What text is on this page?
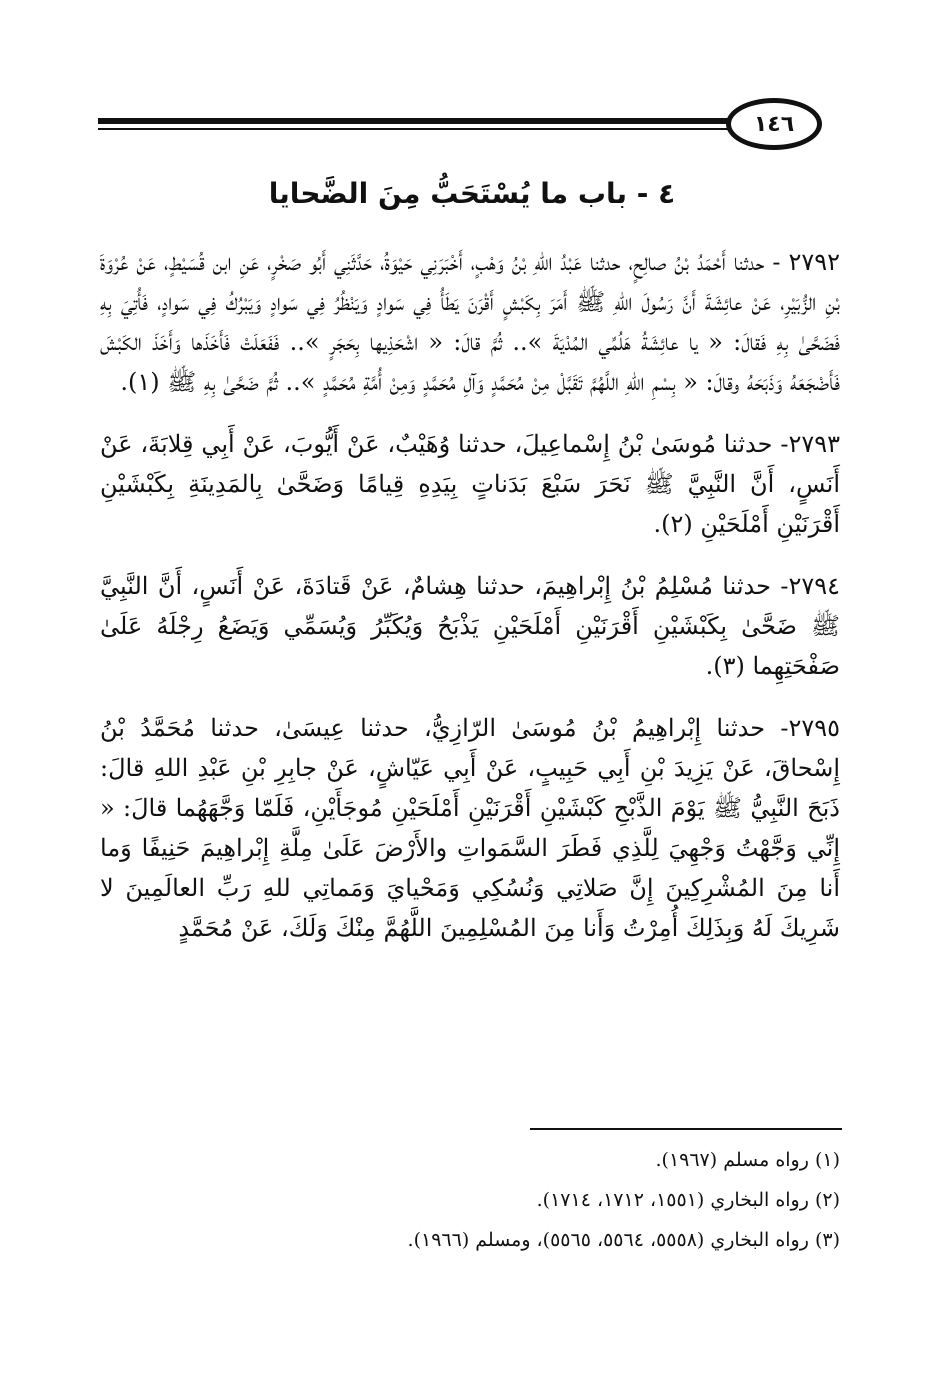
١٤٦
٤ - باب ما يُسْتَحَبُّ مِنَ الضَّحايا

٢٧٩٢ - حدثنا أَحْمَدُ بْنُ صالِحٍ، حدثنا عَبْدُ اللهِ بْنُ وَهْبٍ، أَخْبَرَنِي حَيْوَةُ، حَدَّثَنِي أَبُو صَخْرٍ، عَنِ ابن قُسَيْطٍ، عَنْ عُرْوَةَ بْنِ الزُّبَيْرِ، عَنْ عائِشَةَ أَنَّ رَسُولَ اللهِ ﷺ أَمَرَ بِكَبْشٍ أَقْرَنَ يَطَأُ فِي سَوادٍ وَيَنْظُرُ فِي سَوادٍ وَيَبْرُكُ فِي سَوادٍ، فَأُتِيَ بِهِ فَضَحَّىٰ بِهِ فَقالَ: « يا عائِشَةُ هَلُمِّي المُدْيَةَ ».. ثُمَّ قالَ: « اشْحَذِيها بِحَجَرٍ ».. فَفَعَلَتْ فَأَخَذَها وَأَخَذَ الكَبْشَ فَأَضْجَعَهُ وَذَبَحَهُ وقالَ: « بِسْمِ اللهِ اللَّهُمَّ تَقَبَّلْ مِنْ مُحَمَّدٍ وَآلِ مُحَمَّدٍ وَمِنْ أُمَّةِ مُحَمَّدٍ ».. ثُمَّ ضَحَّىٰ بِهِ ﷺ (١).

٢٧٩٣- حدثنا مُوسَىٰ بْنُ إِسْماعِيلَ، حدثنا وُهَيْبٌ، عَنْ أَيُّوبَ، عَنْ أَبِي قِلابَةَ، عَنْ أَنَسٍ، أَنَّ النَّبِيَّ ﷺ نَحَرَ سَبْعَ بَدَناتٍ بِيَدِهِ قِيامًا وَضَحَّىٰ بِالمَدِينَةِ بِكَبْشَيْنِ أَقْرَنَيْنِ أَمْلَحَيْنِ (٢).

٢٧٩٤- حدثنا مُسْلِمُ بْنُ إِبْراهِيمَ، حدثنا هِشامٌ، عَنْ قَتادَةَ، عَنْ أَنَسٍ، أَنَّ النَّبِيَّ ﷺ ضَحَّىٰ بِكَبْشَيْنِ أَقْرَنَيْنِ أَمْلَحَيْنِ يَذْبَحُ وَيُكَبِّرُ وَيُسَمِّي وَيَضَعُ رِجْلَهُ عَلَىٰ صَفْحَتِهِما (٣).

٢٧٩٥- حدثنا إِبْراهِيمُ بْنُ مُوسَىٰ الرّازِيُّ، حدثنا عِيسَىٰ، حدثنا مُحَمَّدُ بْنُ إِسْحاقَ، عَنْ يَزِيدَ بْنِ أَبِي حَبِيبٍ، عَنْ أَبِي عَيّاشٍ، عَنْ جابِرِ بْنِ عَبْدِ اللهِ قالَ: ذَبَحَ النَّبِيُّ ﷺ يَوْمَ الذَّبْحِ كَبْشَيْنِ أَقْرَنَيْنِ أَمْلَحَيْنِ مُوجَأَيْنِ، فَلَمّا وَجَّهَهُما قالَ: « إِنِّي وَجَّهْتُ وَجْهِيَ لِلَّذِي فَطَرَ السَّمَواتِ والأَرْضَ عَلَىٰ مِلَّةِ إِبْراهِيمَ حَنِيفًا وَما أَنا مِنَ المُشْرِكِينَ إِنَّ صَلاتِي وَنُسُكِي وَمَحْيايَ وَمَماتِي للهِ رَبِّ العالَمِينَ لا شَرِيكَ لَهُ وَبِذَلِكَ أُمِرْتُ وَأَنا مِنَ المُسْلِمِينَ اللَّهُمَّ مِنْكَ وَلَكَ، عَنْ مُحَمَّدٍ

(١) رواه مسلم (١٩٦٧).

(٢) رواه البخاري (١٥٥١، ١٧١٢، ١٧١٤).

(٣) رواه البخاري (٥٥٥٨، ٥٥٦٤، ٥٥٦٥)، ومسلم (١٩٦٦).
